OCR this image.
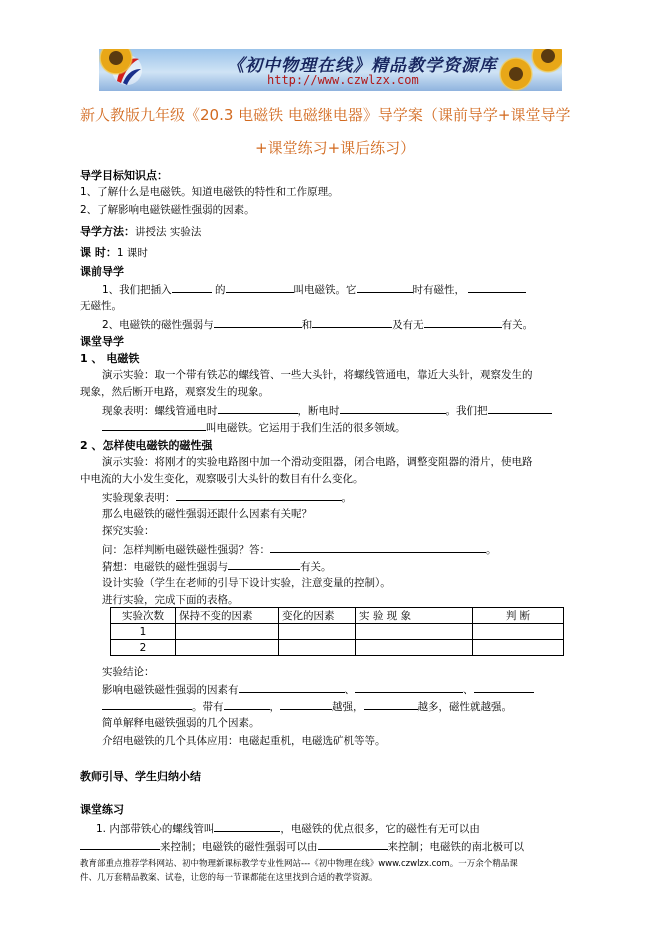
《初中物理在线》精品教学资源库
http://www.czwlzx.com
新人教版九年级《20.3 电磁铁 电磁继电器》导学案（课前导学+课堂导学
+课堂练习+课后练习）
导学目标知识点：
1、了解什么是电磁铁。知道电磁铁的特性和工作原理。
2、了解影响电磁铁磁性强弱的因素。
导学方法：讲授法 实验法
课 时：1 课时
课前导学
1、我们把插入	的	叫电磁铁。它	时有磁性，
无磁性。
2、电磁铁的磁性强弱与	和	及有无	有关。
课堂导学
1 、 电磁铁
演示实验：取一个带有铁芯的螺线管、一些大头针，将螺线管通电，靠近大头针，观察发生的
现象，然后断开电路，观察发生的现象。
现象表明：螺线管通电时	，断电时	。我们把
叫电磁铁。它运用于我们生活的很多领域。
2 、怎样使电磁铁的磁性强
演示实验：将刚才的实验电路图中加一个滑动变阻器，闭合电路，调整变阻器的滑片，使电路
中电流的大小发生变化，观察吸引大头针的数目有什么变化。
实验现象表明：	。
那么电磁铁的磁性强弱还跟什么因素有关呢？
探究实验：
问：怎样判断电磁铁磁性强弱？答：	。
猜想：电磁铁的磁性强弱与	有关。
设计实验（学生在老师的引导下设计实验，注意变量的控制）。
进行实验，完成下面的表格。
实验次数	保持不变的因素	变化的因素	实 验 现 象	判 断
1				
2				
实验结论：
影响电磁铁磁性强弱的因素有	、	、
。带有	，	越强，	越多，磁性就越强。
简单解释电磁铁强弱的几个因素。
介绍电磁铁的几个具体应用：电磁起重机，电磁选矿机等等。
教师引导、学生归纳小结
课堂练习
1. 内部带铁心的螺线管叫	，电磁铁的优点很多，它的磁性有无可以由
来控制；电磁铁的磁性强弱可以由	来控制；电磁铁的南北极可以
教育部重点推荐学科网站、初中物理新课标教学专业性网站---《初中物理在线》www.czwlzx.com。一万余个精品课
件、几万套精品教案、试卷，让您的每一节课都能在这里找到合适的教学资源。
